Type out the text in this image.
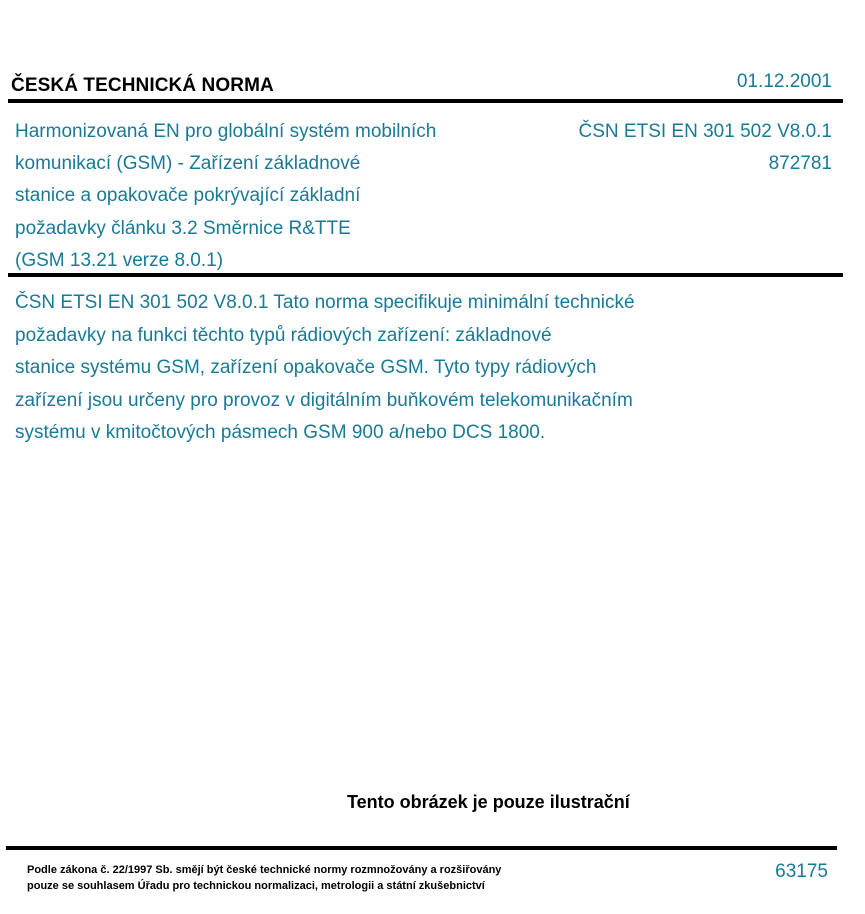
ČESKÁ TECHNICKÁ NORMA	01.12.2001
Harmonizovaná EN pro globální systém mobilních
komunikací (GSM) - Zařízení základnové
stanice a opakovače pokrývající základní
požadavky článku 3.2 Směrnice R&TTE
(GSM 13.21 verze 8.0.1)
ČSN ETSI EN 301 502 V8.0.1
872781
ČSN ETSI EN 301 502 V8.0.1 Tato norma specifikuje minimální technické
požadavky na funkci těchto typů rádiových zařízení: základnové
stanice systému GSM, zařízení opakovače GSM. Tyto typy rádiových
zařízení jsou určeny pro provoz v digitálním buňkovém telekomunikačním
systému v kmitočtových pásmech GSM 900 a/nebo DCS 1800.
Tento obrázek je pouze ilustrační
Podle zákona č. 22/1997 Sb. smějí být české technické normy rozmnožovány a rozšiřovány
pouze se souhlasem Úřadu pro technickou normalizaci, metrologii a státní zkušebnictví
63175
